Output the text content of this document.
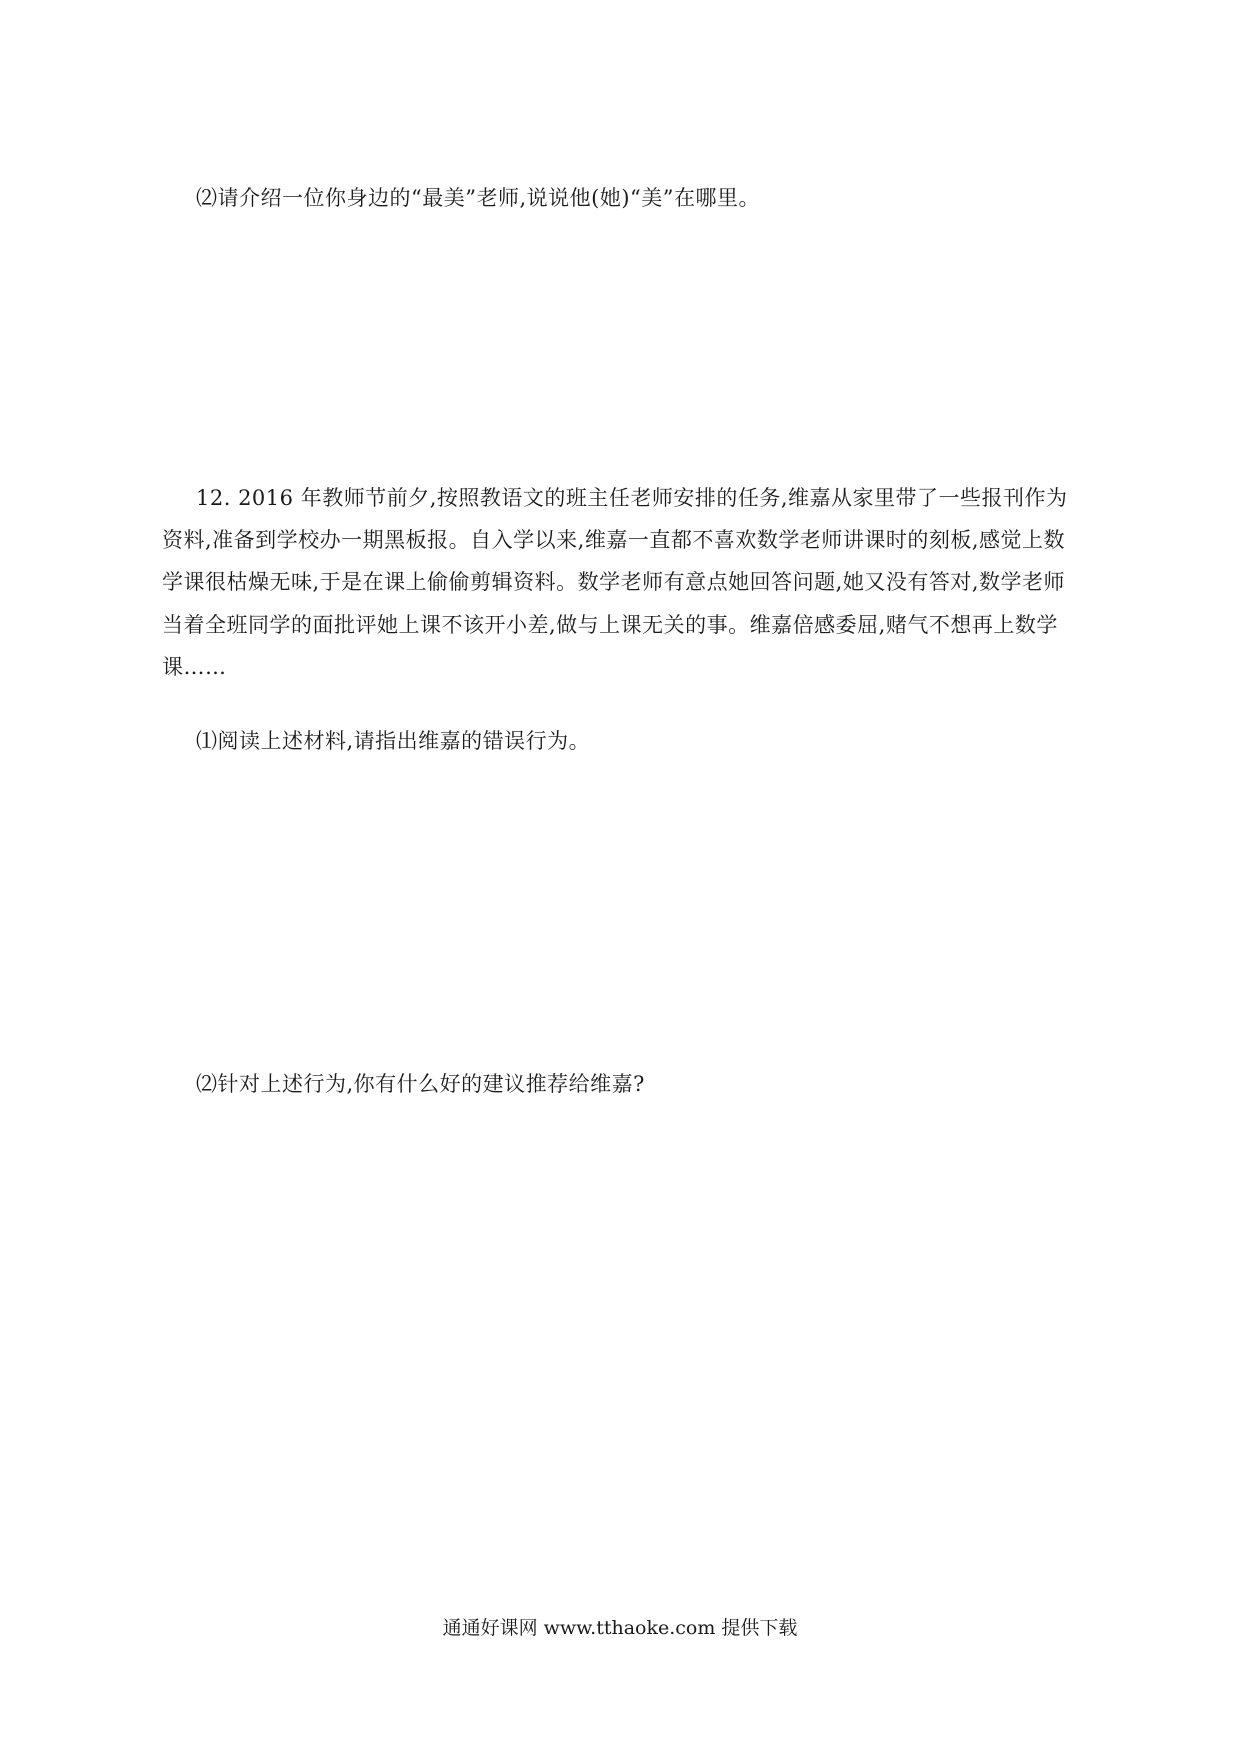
⑵请介绍一位你身边的“最美”老师,说说他(她)“美”在哪里。
12. 2016 年教师节前夕,按照教语文的班主任老师安排的任务,维嘉从家里带了一些报刊作为
资料,准备到学校办一期黑板报。自入学以来,维嘉一直都不喜欢数学老师讲课时的刻板,感觉上数
学课很枯燥无味,于是在课上偷偷剪辑资料。数学老师有意点她回答问题,她又没有答对,数学老师
当着全班同学的面批评她上课不该开小差,做与上课无关的事。维嘉倍感委屈,赌气不想再上数学
课……
⑴阅读上述材料,请指出维嘉的错误行为。
⑵针对上述行为,你有什么好的建议推荐给维嘉?
通通好课网 www.tthaoke.com 提供下载
